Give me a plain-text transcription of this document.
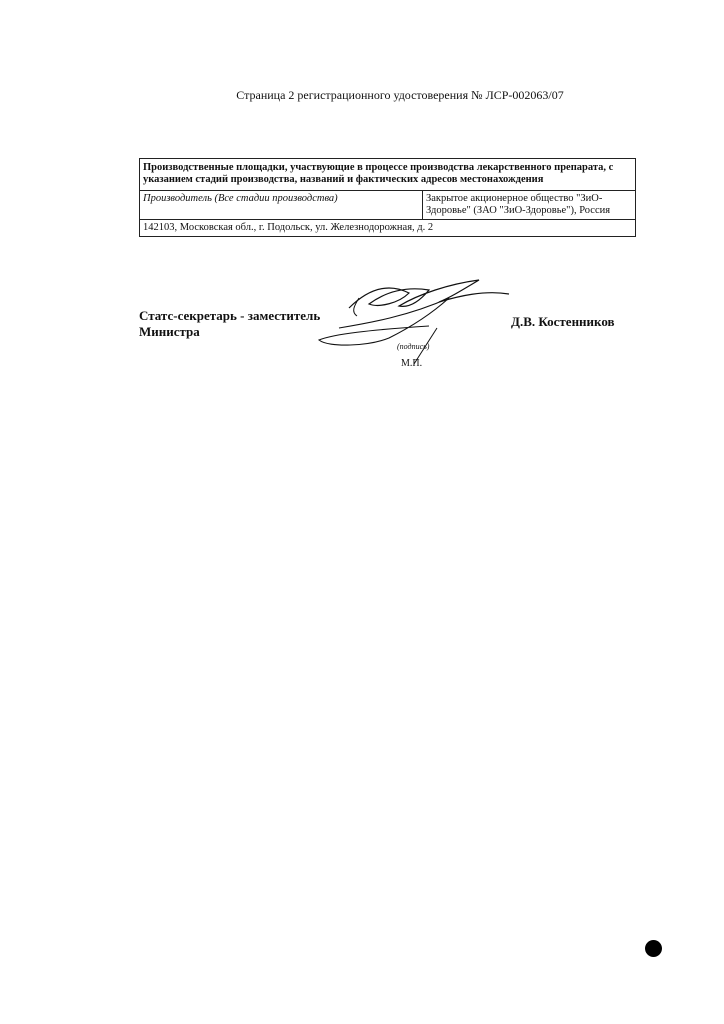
Страница 2 регистрационного удостоверения № ЛСР-002063/07
Производственные площадки, участвующие в процессе производства лекарственного препарата, с указанием стадий производства, названий и фактических адресов местонахождения
Производитель (Все стадии производства)	Закрытое акционерное общество "ЗиО-Здоровье" (ЗАО "ЗиО-Здоровье"), Россия
142103, Московская обл., г. Подольск, ул. Железнодорожная, д. 2
Статс-секретарь - заместитель
Министра
Д.В. Костенников
(подпись)
М.П.
